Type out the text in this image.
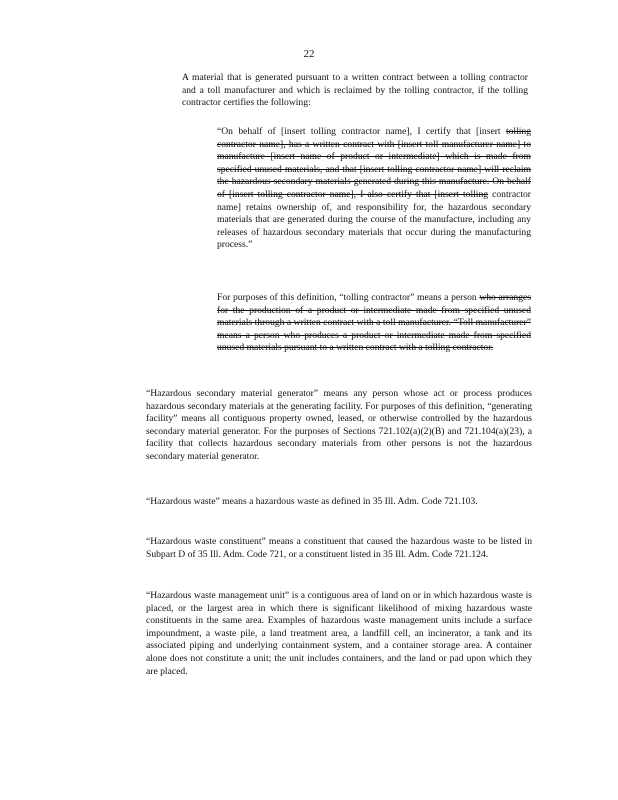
22
A material that is generated pursuant to a written contract between a tolling contractor and a toll manufacturer and which is reclaimed by the tolling contractor, if the tolling contractor certifies the following:
“On behalf of [insert tolling contractor name], I certify that [insert tolling contractor name], has a written contract with [insert toll manufacturer name] to manufacture [insert name of product or intermediate] which is made from specified unused materials, and that [insert tolling contractor name] will reclaim the hazardous secondary materials generated during this manufacture. On behalf of [insert tolling contractor name], I also certify that [insert tolling contractor name] retains ownership of, and responsibility for, the hazardous secondary materials that are generated during the course of the manufacture, including any releases of hazardous secondary materials that occur during the manufacturing process.”
For purposes of this definition, “tolling contractor” means a person who arranges for the production of a product or intermediate made from specified unused materials through a written contract with a toll manufacturer. “Toll manufacturer” means a person who produces a product or intermediate made from specified unused materials pursuant to a written contract with a tolling contractor.
“Hazardous secondary material generator” means any person whose act or process produces hazardous secondary materials at the generating facility. For purposes of this definition, “generating facility” means all contiguous property owned, leased, or otherwise controlled by the hazardous secondary material generator. For the purposes of Sections 721.102(a)(2)(B) and 721.104(a)(23), a facility that collects hazardous secondary materials from other persons is not the hazardous secondary material generator.
“Hazardous waste” means a hazardous waste as defined in 35 Ill. Adm. Code 721.103.
“Hazardous waste constituent” means a constituent that caused the hazardous waste to be listed in Subpart D of 35 Ill. Adm. Code 721, or a constituent listed in 35 Ill. Adm. Code 721.124.
“Hazardous waste management unit” is a contiguous area of land on or in which hazardous waste is placed, or the largest area in which there is significant likelihood of mixing hazardous waste constituents in the same area. Examples of hazardous waste management units include a surface impoundment, a waste pile, a land treatment area, a landfill cell, an incinerator, a tank and its associated piping and underlying containment system, and a container storage area. A container alone does not constitute a unit; the unit includes containers, and the land or pad upon which they are placed.
